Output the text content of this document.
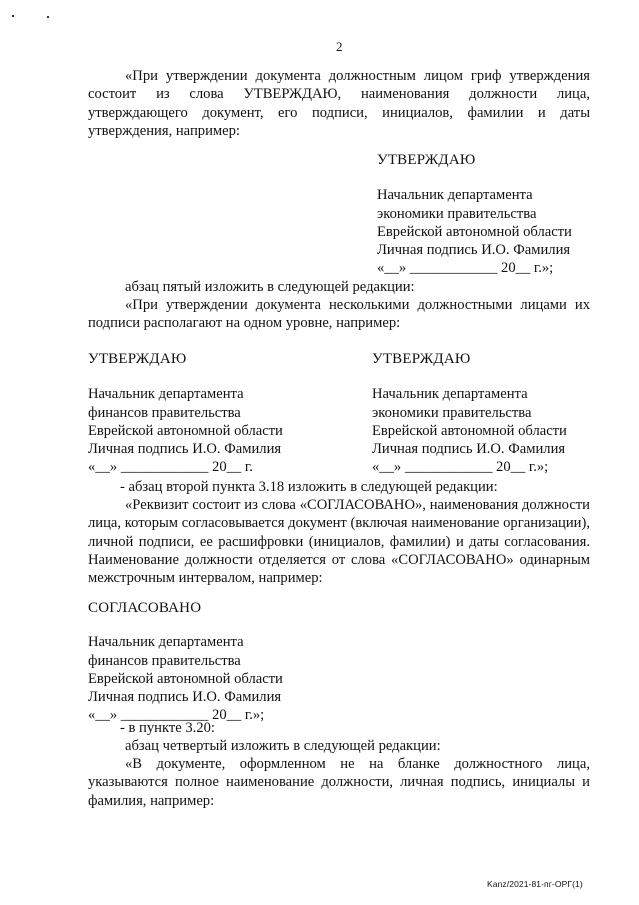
2

«При утверждении документа должностным лицом гриф утверждения состоит из слова УТВЕРЖДАЮ, наименования должности лица, утверждающего документ, его подписи, инициалов, фамилии и даты утверждения, например:

УТВЕРЖДАЮ
Начальник департамента
экономики правительства
Еврейской автономной области
Личная подпись И.О. Фамилия
«__» ____________ 20__ г.»;
абзац пятый изложить в следующей редакции:

«При утверждении документа несколькими должностными лицами их подписи располагают на одном уровне, например:

УТВЕРЖДАЮ
Начальник департамента
финансов правительства
Еврейской автономной области
Личная подпись И.О. Фамилия
«__» ____________ 20__ г.
УТВЕРЖДАЮ
Начальник департамента
экономики правительства
Еврейской автономной области
Личная подпись И.О. Фамилия
«__» ____________ 20__ г.»;
- абзац второй пункта 3.18 изложить в следующей редакции:

«Реквизит состоит из слова «СОГЛАСОВАНО», наименования должности лица, которым согласовывается документ (включая наименование организации), личной подписи, ее расшифровки (инициалов, фамилии) и даты согласования. Наименование должности отделяется от слова «СОГЛАСОВАНО» одинарным межстрочным интервалом, например:

СОГЛАСОВАНО
Начальник департамента
финансов правительства
Еврейской автономной области
Личная подпись И.О. Фамилия
«__» ____________ 20__ г.»;
- в пункте 3.20:
абзац четвертый изложить в следующей редакции:

«В документе, оформленном не на бланке должностного лица, указываются полное наименование должности, личная подпись, инициалы и фамилия, например:

Kanz/2021-81-пг-ОРГ(1)
